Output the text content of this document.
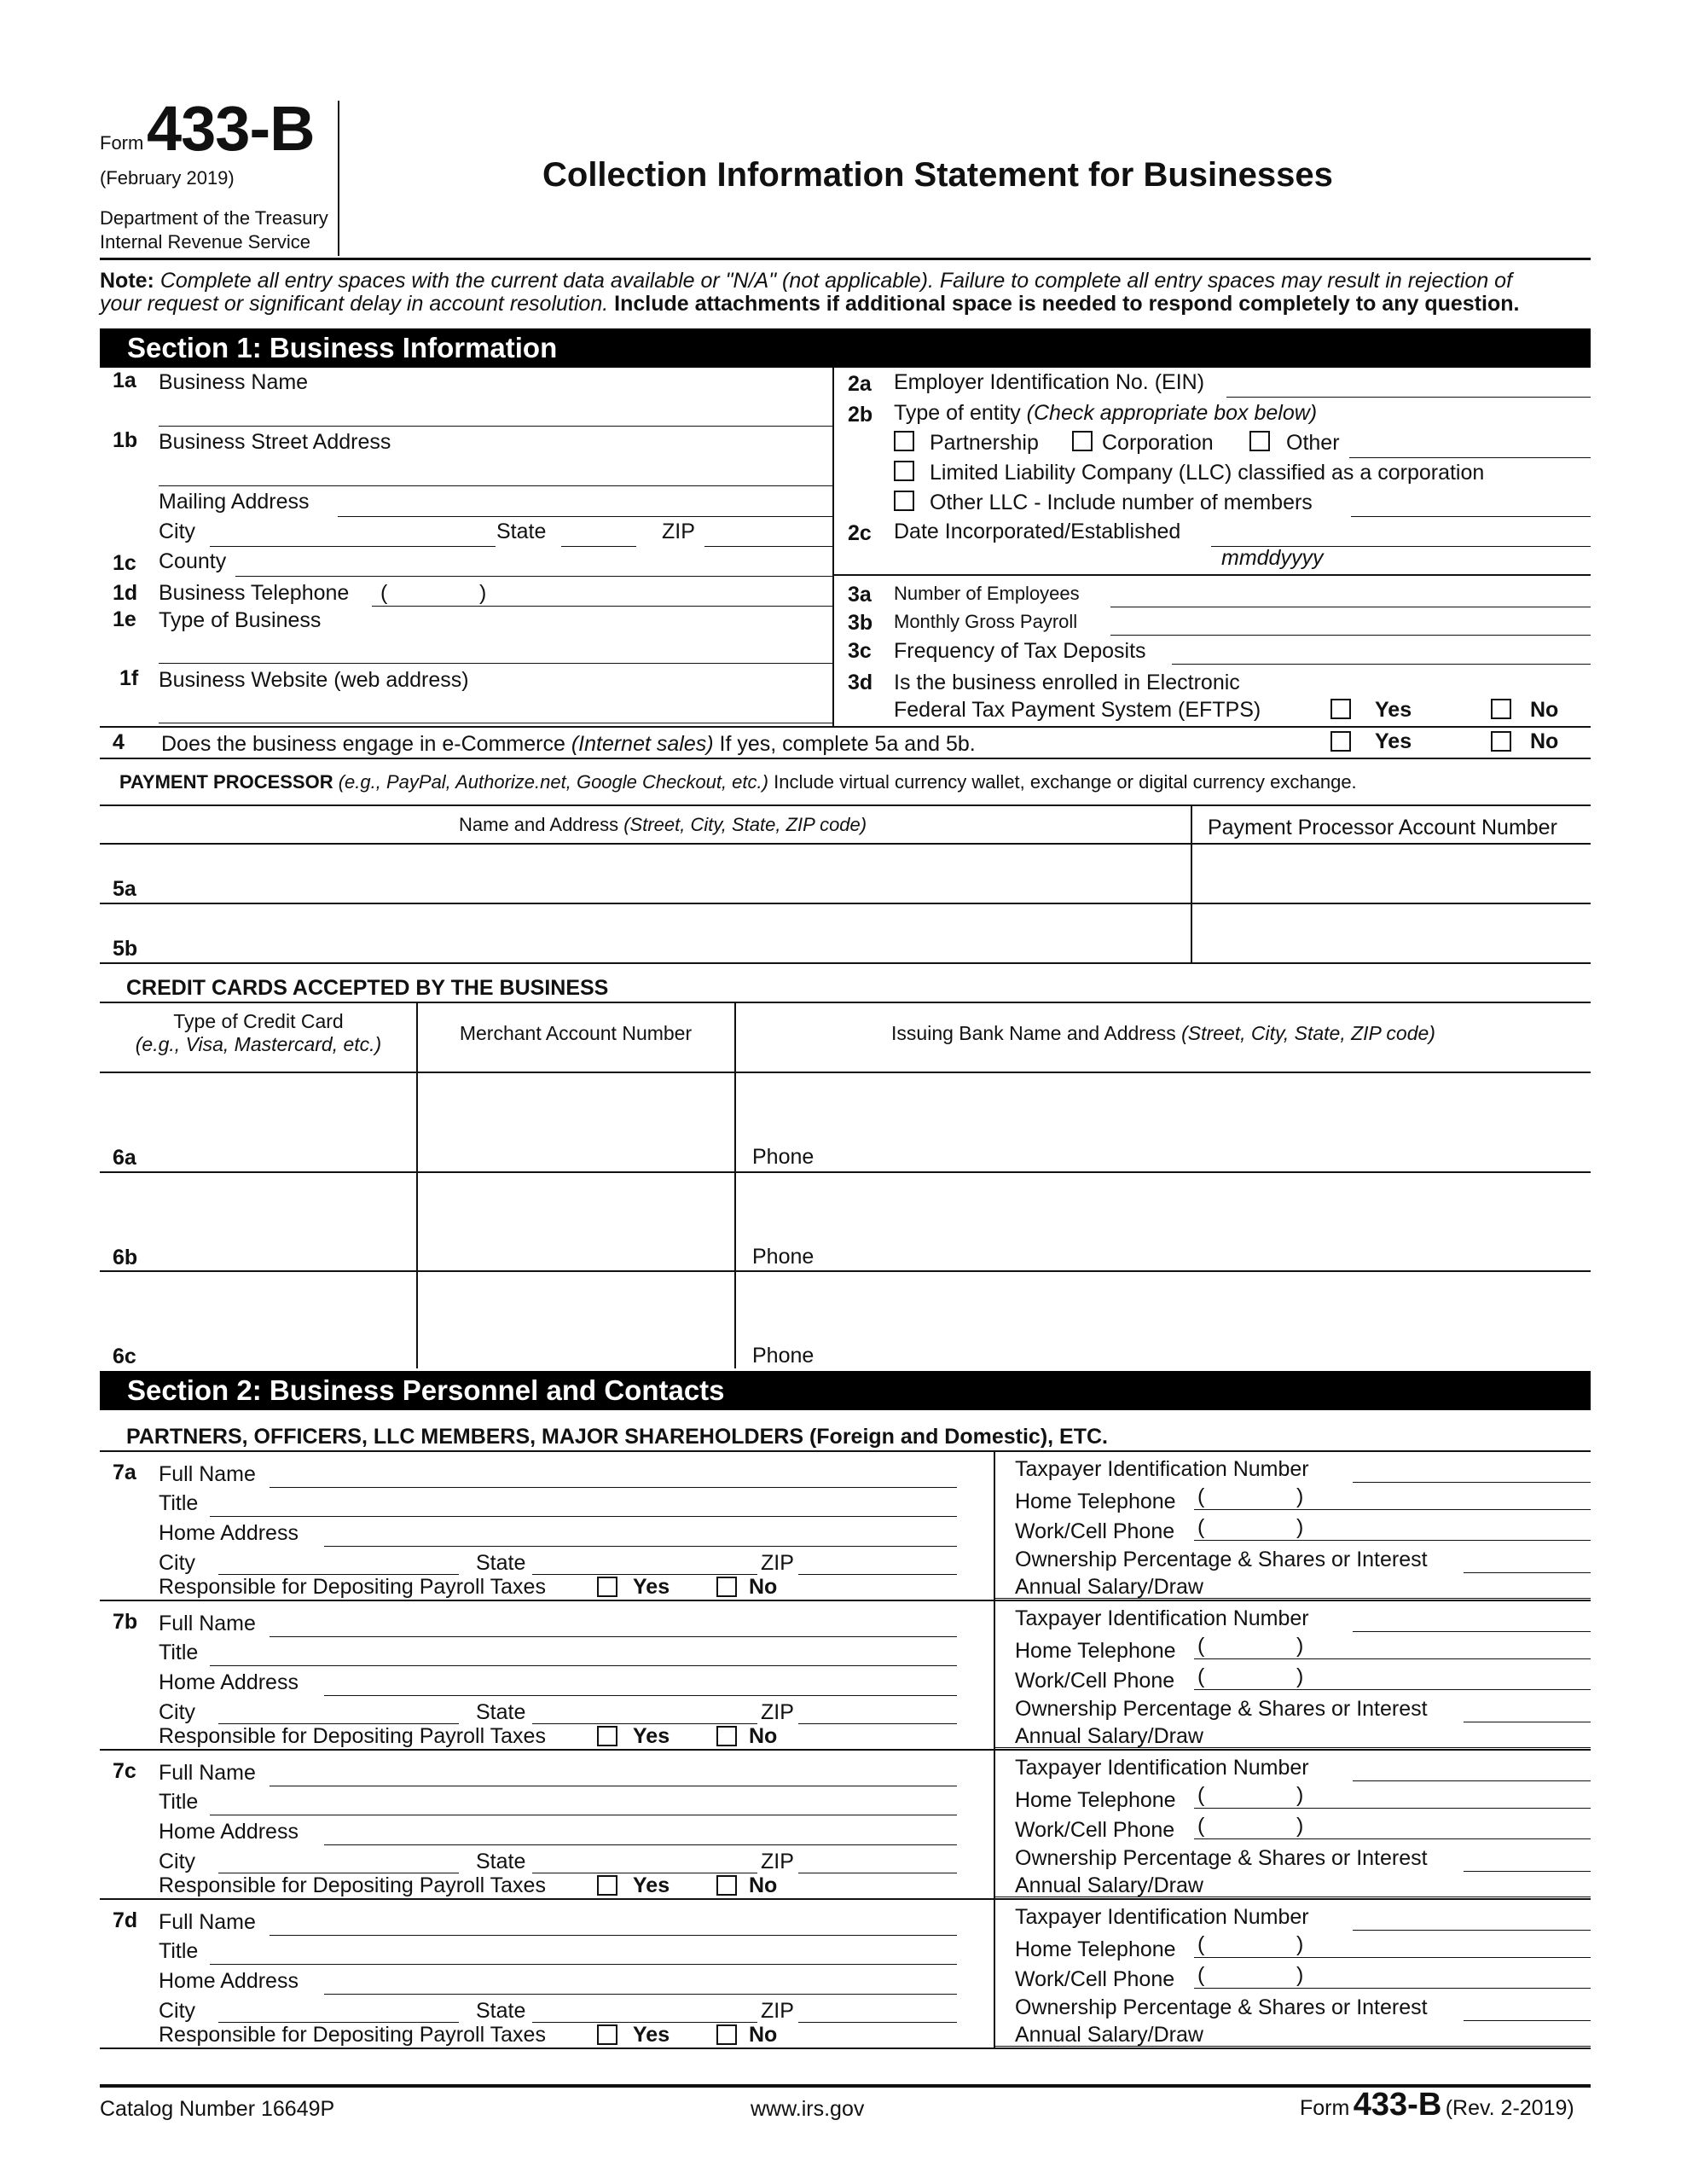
Form 433-B
(February 2019)
Department of the Treasury
Internal Revenue Service
Collection Information Statement for Businesses
Note: Complete all entry spaces with the current data available or "N/A" (not applicable). Failure to complete all entry spaces may result in rejection of
your request or significant delay in account resolution. Include attachments if additional space is needed to respond completely to any question.
Section 1: Business Information
1a Business Name
1b Business Street Address
Mailing Address
City	State	ZIP
1c County
1d Business Telephone (	)
1e Type of Business
1f Business Website (web address)
2a Employer Identification No. (EIN)
2b Type of entity (Check appropriate box below)
Partnership	Corporation	Other
Limited Liability Company (LLC) classified as a corporation
Other LLC - Include number of members
2c Date Incorporated/Established
mmddyyyy
3a Number of Employees
3b Monthly Gross Payroll
3c Frequency of Tax Deposits
3d Is the business enrolled in Electronic
Federal Tax Payment System (EFTPS)	Yes	No
4 Does the business engage in e-Commerce (Internet sales) If yes, complete 5a and 5b.	Yes	No
PAYMENT PROCESSOR (e.g., PayPal, Authorize.net, Google Checkout, etc.) Include virtual currency wallet, exchange or digital currency exchange.
Name and Address (Street, City, State, ZIP code)	Payment Processor Account Number
5a
5b
CREDIT CARDS ACCEPTED BY THE BUSINESS
Type of Credit Card
(e.g., Visa, Mastercard, etc.)	Merchant Account Number	Issuing Bank Name and Address (Street, City, State, ZIP code)
6a	Phone
6b	Phone
6c	Phone
Section 2: Business Personnel and Contacts
PARTNERS, OFFICERS, LLC MEMBERS, MAJOR SHAREHOLDERS (Foreign and Domestic), ETC.
7a Full Name
Title
Home Address
City	State	ZIP
Responsible for Depositing Payroll Taxes	Yes	No
Taxpayer Identification Number
Home Telephone (	)
Work/Cell Phone (	)
Ownership Percentage & Shares or Interest
Annual Salary/Draw
7b Full Name
Title
Home Address
City	State	ZIP
Responsible for Depositing Payroll Taxes	Yes	No
Taxpayer Identification Number
Home Telephone (	)
Work/Cell Phone (	)
Ownership Percentage & Shares or Interest
Annual Salary/Draw
7c Full Name
Title
Home Address
City	State	ZIP
Responsible for Depositing Payroll Taxes	Yes	No
Taxpayer Identification Number
Home Telephone (	)
Work/Cell Phone (	)
Ownership Percentage & Shares or Interest
Annual Salary/Draw
7d Full Name
Title
Home Address
City	State	ZIP
Responsible for Depositing Payroll Taxes	Yes	No
Taxpayer Identification Number
Home Telephone (	)
Work/Cell Phone (	)
Ownership Percentage & Shares or Interest
Annual Salary/Draw
Catalog Number 16649P	www.irs.gov	Form 433-B (Rev. 2-2019)
